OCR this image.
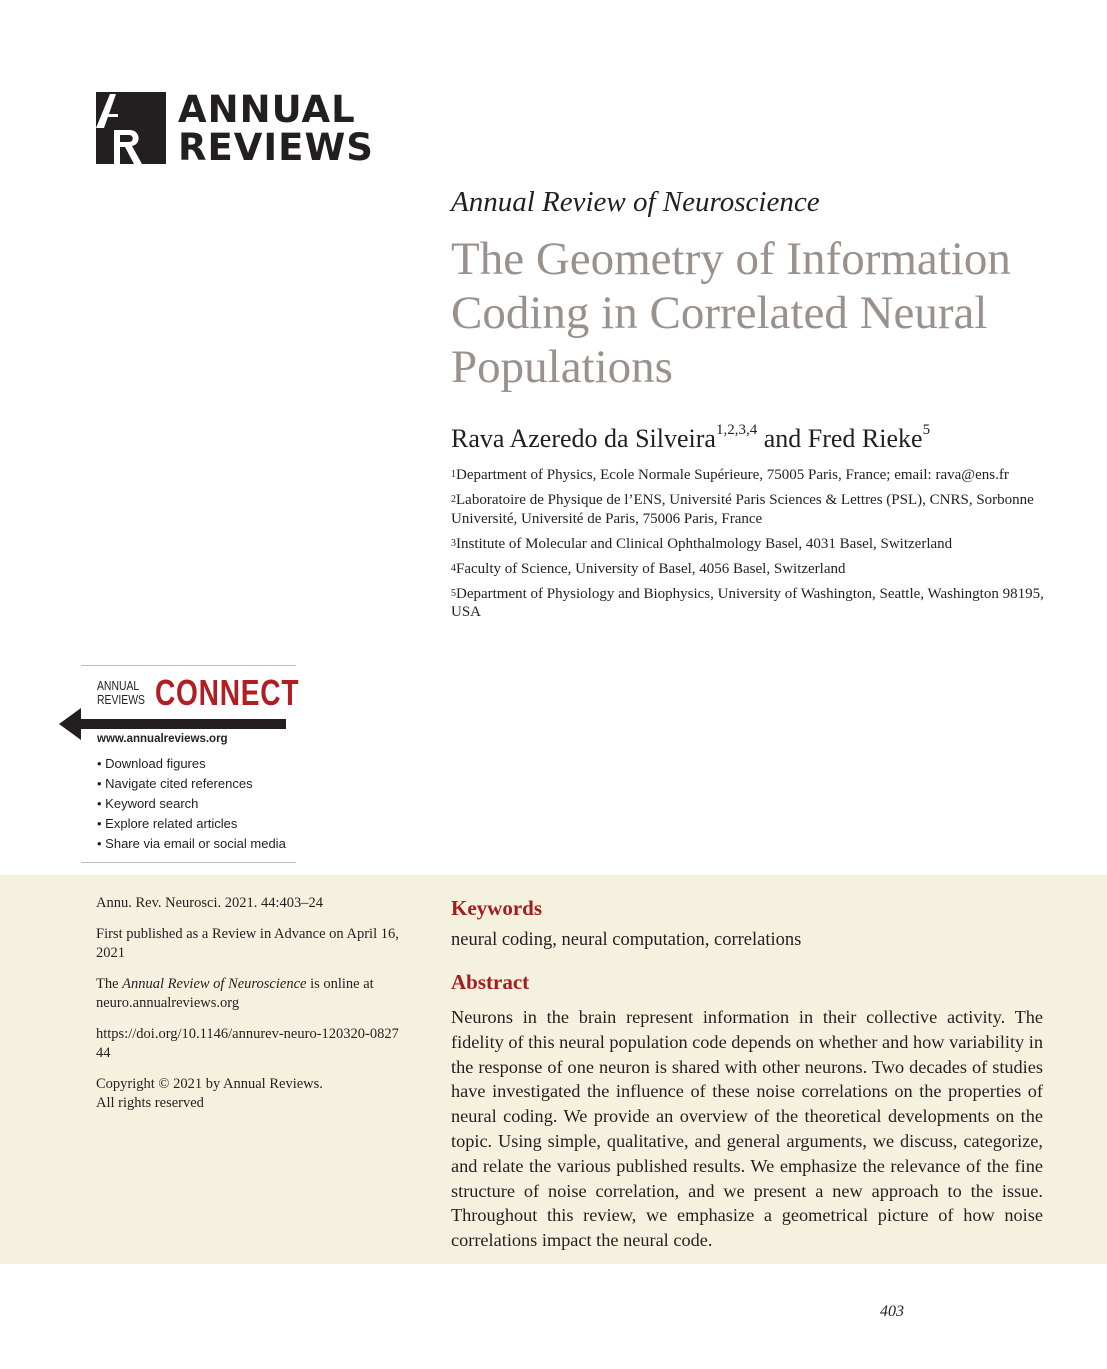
ANNUAL
REVIEWS
Annual Review of Neuroscience
The Geometry of Information Coding in Correlated Neural Populations
Rava Azeredo da Silveira$^{1,2,3,4}$ and Fred Rieke$^5$
$^1$Department of Physics, Ecole Normale Supérieure, 75005 Paris, France; email: rava@ens.fr
$^2$Laboratoire de Physique de l’ENS, Université Paris Sciences & Lettres (PSL), CNRS, Sorbonne Université, Université de Paris, 75006 Paris, France
$^3$Institute of Molecular and Clinical Ophthalmology Basel, 4031 Basel, Switzerland
$^4$Faculty of Science, University of Basel, 4056 Basel, Switzerland
$^5$Department of Physiology and Biophysics, University of Washington, Seattle, Washington 98195, USA
ANNUAL
REVIEWS CONNECT
www.annualreviews.org
• Download figures
• Navigate cited references
• Keyword search
• Explore related articles
• Share via email or social media

Annu. Rev. Neurosci. 2021. 44:403–24

First published as a Review in Advance on April 16, 2021

The Annual Review of Neuroscience is online at neuro.annualreviews.org

https://doi.org/10.1146/annurev-neuro-120320-082744

Copyright © 2021 by Annual Reviews.
All rights reserved

Keywords
neural coding, neural computation, correlations
Abstract

Neurons in the brain represent information in their collective activity. The fidelity of this neural population code depends on whether and how variability in the response of one neuron is shared with other neurons. Two decades of studies have investigated the influence of these noise correlations on the properties of neural coding. We provide an overview of the theoretical developments on the topic. Using simple, qualitative, and general arguments, we discuss, categorize, and relate the various published results. We emphasize the relevance of the fine structure of noise correlation, and we present a new approach to the issue. Throughout this review, we emphasize a geometrical picture of how noise correlations impact the neural code.

403
